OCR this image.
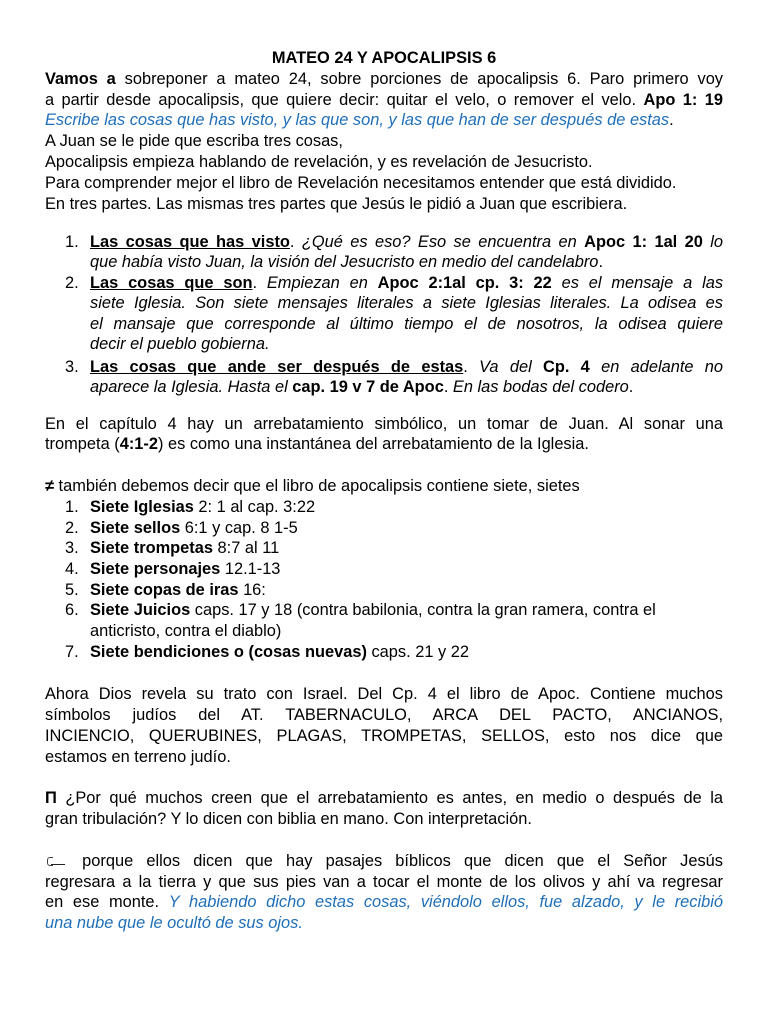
MATEO 24 Y APOCALIPSIS 6
Vamos a sobreponer a mateo 24, sobre porciones de apocalipsis 6. Paro primero voy
a partir desde apocalipsis, que quiere decir: quitar el velo, o remover el velo. Apo 1: 19
Escribe las cosas que has visto, y las que son, y las que han de ser después de estas.
A Juan se le pide que escriba tres cosas,
Apocalipsis empieza hablando de revelación, y es revelación de Jesucristo.
Para comprender mejor el libro de Revelación necesitamos entender que está dividido.
En tres partes. Las mismas tres partes que Jesús le pidió a Juan que escribiera.
1. Las cosas que has visto. ¿Qué es eso? Eso se encuentra en Apoc 1: 1al 20 lo
que había visto Juan, la visión del Jesucristo en medio del candelabro.
2. Las cosas que son. Empiezan en Apoc 2:1al cp. 3: 22 es el mensaje a las
siete Iglesia. Son siete mensajes literales a siete Iglesias literales. La odisea es
el mansaje que corresponde al último tiempo el de nosotros, la odisea quiere
decir el pueblo gobierna.
3. Las cosas que ande ser después de estas. Va del Cp. 4 en adelante no
aparece la Iglesia. Hasta el cap. 19 v 7 de Apoc. En las bodas del codero.
En el capítulo 4 hay un arrebatamiento simbólico, un tomar de Juan. Al sonar una
trompeta (4:1-2) es como una instantánea del arrebatamiento de la Iglesia.
≠ también debemos decir que el libro de apocalipsis contiene siete, sietes
1. Siete Iglesias 2: 1 al cap. 3:22
2. Siete sellos 6:1 y cap. 8 1-5
3. Siete trompetas 8:7 al 11
4. Siete personajes 12.1-13
5. Siete copas de iras 16:
6. Siete Juicios caps. 17 y 18 (contra babilonia, contra la gran ramera, contra el
anticristo, contra el diablo)
7. Siete bendiciones o (cosas nuevas) caps. 21 y 22
Ahora Dios revela su trato con Israel. Del Cp. 4 el libro de Apoc. Contiene muchos
símbolos judíos del AT. TABERNACULO, ARCA DEL PACTO, ANCIANOS,
INCIENCIO, QUERUBINES, PLAGAS, TROMPETAS, SELLOS, esto nos dice que
estamos en terreno judío.
Π ¿Por qué muchos creen que el arrebatamiento es antes, en medio o después de la
gran tribulación? Y lo dicen con biblia en mano. Con interpretación.
porque ellos dicen que hay pasajes bíblicos que dicen que el Señor Jesús
regresara a la tierra y que sus pies van a tocar el monte de los olivos y ahí va regresar
en ese monte. Y habiendo dicho estas cosas, viéndolo ellos, fue alzado, y le recibió
una nube que le ocultó de sus ojos.
